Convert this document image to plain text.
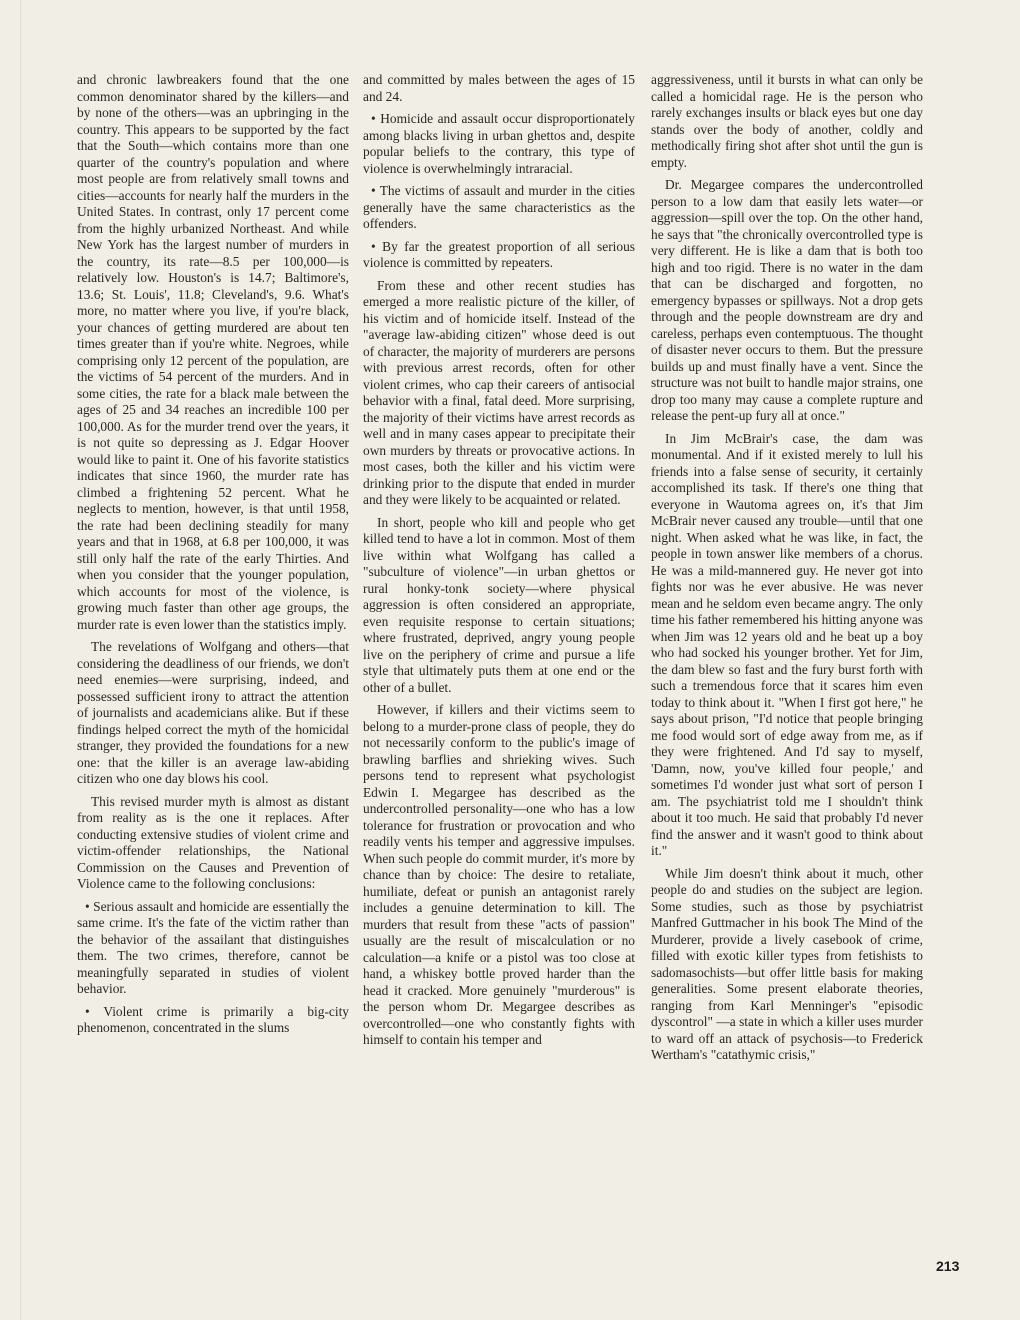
and chronic lawbreakers found that the one common denominator shared by the killers—and by none of the others—was an upbringing in the country. This appears to be supported by the fact that the South—which contains more than one quarter of the country's population and where most people are from relatively small towns and cities—accounts for nearly half the murders in the United States. In contrast, only 17 percent come from the highly urbanized Northeast. And while New York has the largest number of murders in the country, its rate—8.5 per 100,000—is relatively low. Houston's is 14.7; Baltimore's, 13.6; St. Louis', 11.8; Cleveland's, 9.6. What's more, no matter where you live, if you're black, your chances of getting murdered are about ten times greater than if you're white. Negroes, while comprising only 12 percent of the population, are the victims of 54 percent of the murders. And in some cities, the rate for a black male between the ages of 25 and 34 reaches an incredible 100 per 100,000. As for the murder trend over the years, it is not quite so depressing as J. Edgar Hoover would like to paint it. One of his favorite statistics indicates that since 1960, the murder rate has climbed a frightening 52 percent. What he neglects to mention, however, is that until 1958, the rate had been declining steadily for many years and that in 1968, at 6.8 per 100,000, it was still only half the rate of the early Thirties. And when you consider that the younger population, which accounts for most of the violence, is growing much faster than other age groups, the murder rate is even lower than the statistics imply.

The revelations of Wolfgang and others—that considering the deadliness of our friends, we don't need enemies—were surprising, indeed, and possessed sufficient irony to attract the attention of journalists and academicians alike. But if these findings helped correct the myth of the homicidal stranger, they provided the foundations for a new one: that the killer is an average law-abiding citizen who one day blows his cool.

This revised murder myth is almost as distant from reality as is the one it replaces. After conducting extensive studies of violent crime and victim-offender relationships, the National Commission on the Causes and Prevention of Violence came to the following conclusions:

• Serious assault and homicide are essentially the same crime. It's the fate of the victim rather than the behavior of the assailant that distinguishes them. The two crimes, therefore, cannot be meaningfully separated in studies of violent behavior.

• Violent crime is primarily a big-city phenomenon, concentrated in the slums

and committed by males between the ages of 15 and 24.

• Homicide and assault occur disproportionately among blacks living in urban ghettos and, despite popular beliefs to the contrary, this type of violence is overwhelmingly intraracial.

• The victims of assault and murder in the cities generally have the same characteristics as the offenders.

• By far the greatest proportion of all serious violence is committed by repeaters.

From these and other recent studies has emerged a more realistic picture of the killer, of his victim and of homicide itself. Instead of the "average law-abiding citizen" whose deed is out of character, the majority of murderers are persons with previous arrest records, often for other violent crimes, who cap their careers of antisocial behavior with a final, fatal deed. More surprising, the majority of their victims have arrest records as well and in many cases appear to precipitate their own murders by threats or provocative actions. In most cases, both the killer and his victim were drinking prior to the dispute that ended in murder and they were likely to be acquainted or related.

In short, people who kill and people who get killed tend to have a lot in common. Most of them live within what Wolfgang has called a "subculture of violence"—in urban ghettos or rural honky-tonk society—where physical aggression is often considered an appropriate, even requisite response to certain situations; where frustrated, deprived, angry young people live on the periphery of crime and pursue a life style that ultimately puts them at one end or the other of a bullet.

However, if killers and their victims seem to belong to a murder-prone class of people, they do not necessarily conform to the public's image of brawling barflies and shrieking wives. Such persons tend to represent what psychologist Edwin I. Megargee has described as the undercontrolled personality—one who has a low tolerance for frustration or provocation and who readily vents his temper and aggressive impulses. When such people do commit murder, it's more by chance than by choice: The desire to retaliate, humiliate, defeat or punish an antagonist rarely includes a genuine determination to kill. The murders that result from these "acts of passion" usually are the result of miscalculation or no calculation—a knife or a pistol was too close at hand, a whiskey bottle proved harder than the head it cracked. More genuinely "murderous" is the person whom Dr. Megargee describes as overcontrolled—one who constantly fights with himself to contain his temper and

aggressiveness, until it bursts in what can only be called a homicidal rage. He is the person who rarely exchanges insults or black eyes but one day stands over the body of another, coldly and methodically firing shot after shot until the gun is empty.

Dr. Megargee compares the undercontrolled person to a low dam that easily lets water—or aggression—spill over the top. On the other hand, he says that "the chronically overcontrolled type is very different. He is like a dam that is both too high and too rigid. There is no water in the dam that can be discharged and forgotten, no emergency bypasses or spillways. Not a drop gets through and the people downstream are dry and careless, perhaps even contemptuous. The thought of disaster never occurs to them. But the pressure builds up and must finally have a vent. Since the structure was not built to handle major strains, one drop too many may cause a complete rupture and release the pent-up fury all at once."

In Jim McBrair's case, the dam was monumental. And if it existed merely to lull his friends into a false sense of security, it certainly accomplished its task. If there's one thing that everyone in Wautoma agrees on, it's that Jim McBrair never caused any trouble—until that one night. When asked what he was like, in fact, the people in town answer like members of a chorus. He was a mild-mannered guy. He never got into fights nor was he ever abusive. He was never mean and he seldom even became angry. The only time his father remembered his hitting anyone was when Jim was 12 years old and he beat up a boy who had socked his younger brother. Yet for Jim, the dam blew so fast and the fury burst forth with such a tremendous force that it scares him even today to think about it. "When I first got here," he says about prison, "I'd notice that people bringing me food would sort of edge away from me, as if they were frightened. And I'd say to myself, 'Damn, now, you've killed four people,' and sometimes I'd wonder just what sort of person I am. The psychiatrist told me I shouldn't think about it too much. He said that probably I'd never find the answer and it wasn't good to think about it."

While Jim doesn't think about it much, other people do and studies on the subject are legion. Some studies, such as those by psychiatrist Manfred Guttmacher in his book The Mind of the Murderer, provide a lively casebook of crime, filled with exotic killer types from fetishists to sadomasochists—but offer little basis for making generalities. Some present elaborate theories, ranging from Karl Menninger's "episodic dyscontrol" —a state in which a killer uses murder to ward off an attack of psychosis—to Frederick Wertham's "catathymic crisis,"

213
